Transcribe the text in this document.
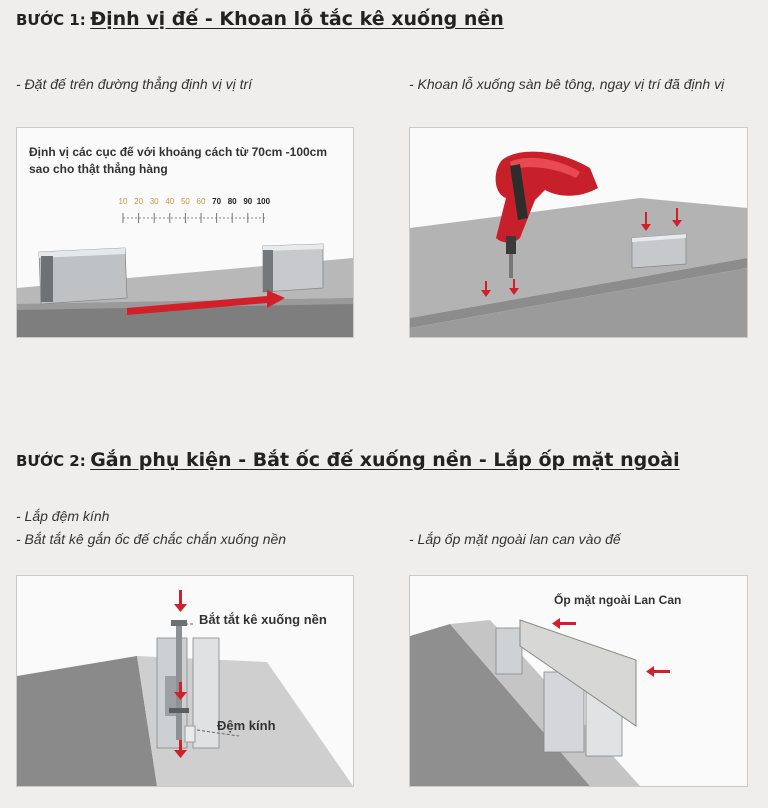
BƯỚC 1: Định vị đế - Khoan lỗ tắc kê xuống nền
- Đặt đế trên đường thẳng định vị vị trí	- Khoan lỗ xuống sàn bê tông, ngay vị trí đã định vị
10 20 30 40 50 60 70 80 90 100
Định vị các cục đế với khoảng cách từ 70cm -100cm
sao cho thật thẳng hàng
BƯỚC 2: Gắn phụ kiện - Bắt ốc đế xuống nền - Lắp ốp mặt ngoài
- Lắp đệm kính
- Bắt tắt kê gắn ốc đế chắc chắn xuống nền	- Lắp ốp mặt ngoài lan can vào đế
Bắt tắt kê xuống nền
Đệm kính
Ốp mặt ngoài Lan Can
